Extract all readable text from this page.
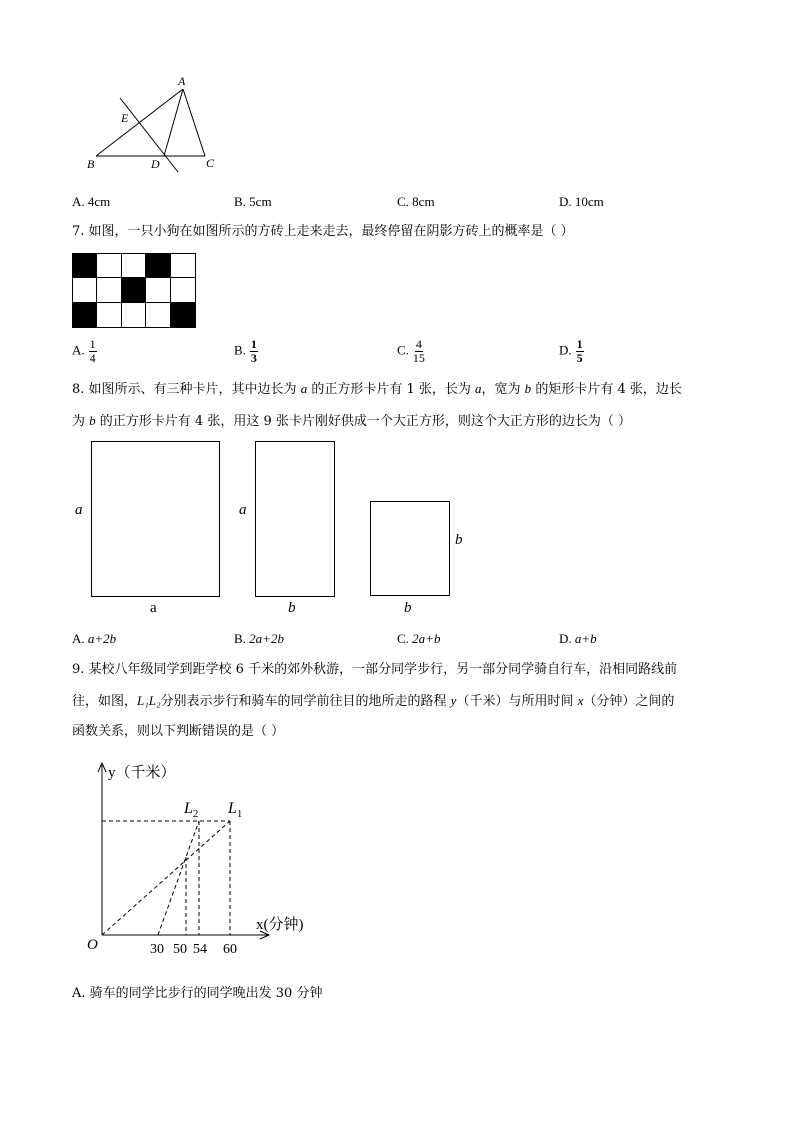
A
E
B	D	C
A. 4cm	B. 5cm	C. 8cm	D. 10cm
7. 如图，一只小狗在如图所示的方砖上走来走去，最终停留在阴影方砖上的概率是（ ）
A. $\frac{1}{4}$	B. $\frac{1}{3}$	C. $\frac{4}{15}$	D. $\frac{1}{5}$
8. 如图所示、有三种卡片，其中边长为 a 的正方形卡片有 1 张，长为 a，宽为 b 的矩形卡片有 4 张，边长
为 b 的正方形卡片有 4 张，用这 9 张卡片刚好供成一个大正方形，则这个大正方形的边长为（ ）
a
a
a
b
b
b
A. a+2b	B. 2a+2b	C. 2a+b	D. a+b
9. 某校八年级同学到距学校 6 千米的郊外秋游，一部分同学步行，另一部分同学骑自行车，沿相同路线前
往，如图，L₁L₂分别表示步行和骑车的同学前往目的地所走的路程 y（千米）与所用时间 x（分钟）之间的
函数关系，则以下判断错误的是（ ）
y（千米）
x(分钟)
O
$L_2$ $L_1$
30 50 54 60
A. 骑车的同学比步行的同学晚出发 30 分钟
